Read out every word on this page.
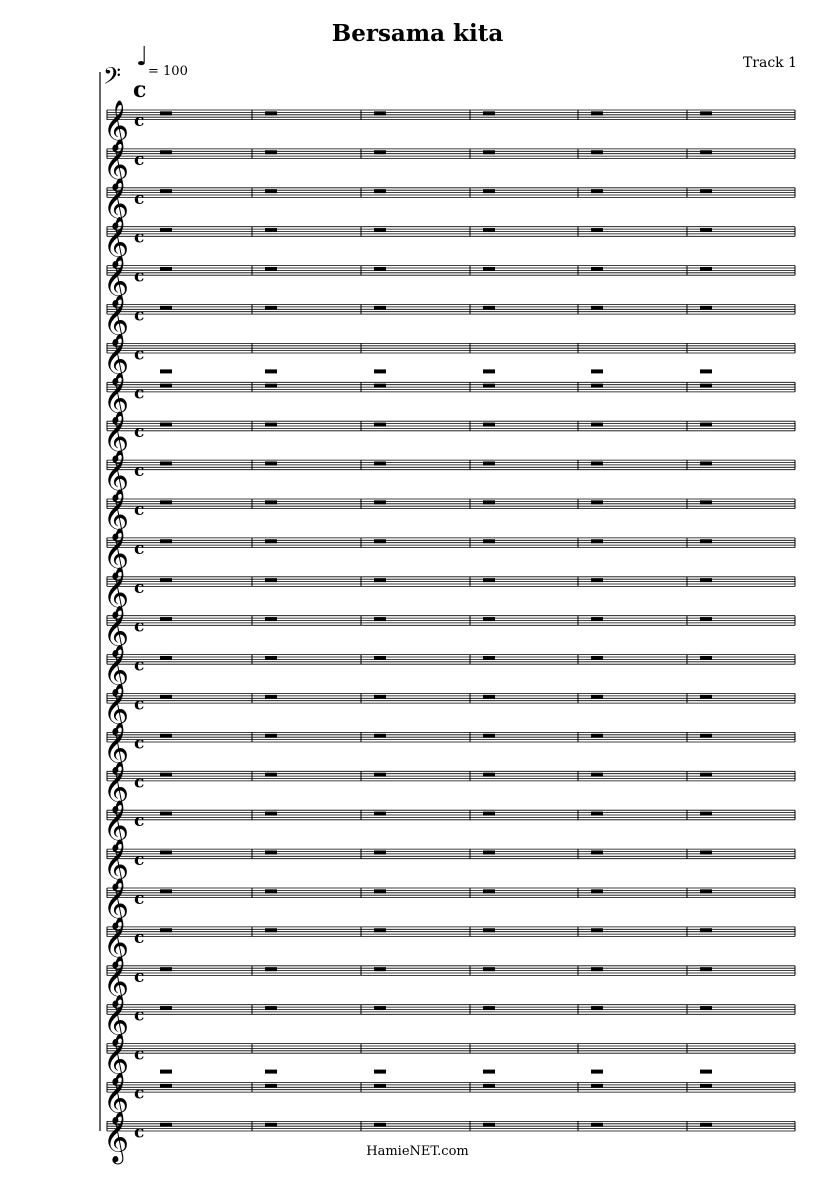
Bersama kita
Track 1
♩ = 100
𝄢 c
𝄞 c
𝄞 c
𝄞 c
𝄞 c
𝄞 c
𝄞 c
𝄞 c
𝄞 c
𝄞 c
𝄞 c
𝄞 c
𝄞 c
𝄞 c
𝄞 c
𝄞 c
𝄞 c
𝄞 c
𝄞 c
𝄞 c
𝄞 c
𝄞 c
𝄞 c
𝄞 c
𝄞 c
𝄞 c
𝄞 c
𝄞 c
HamieNET.com
